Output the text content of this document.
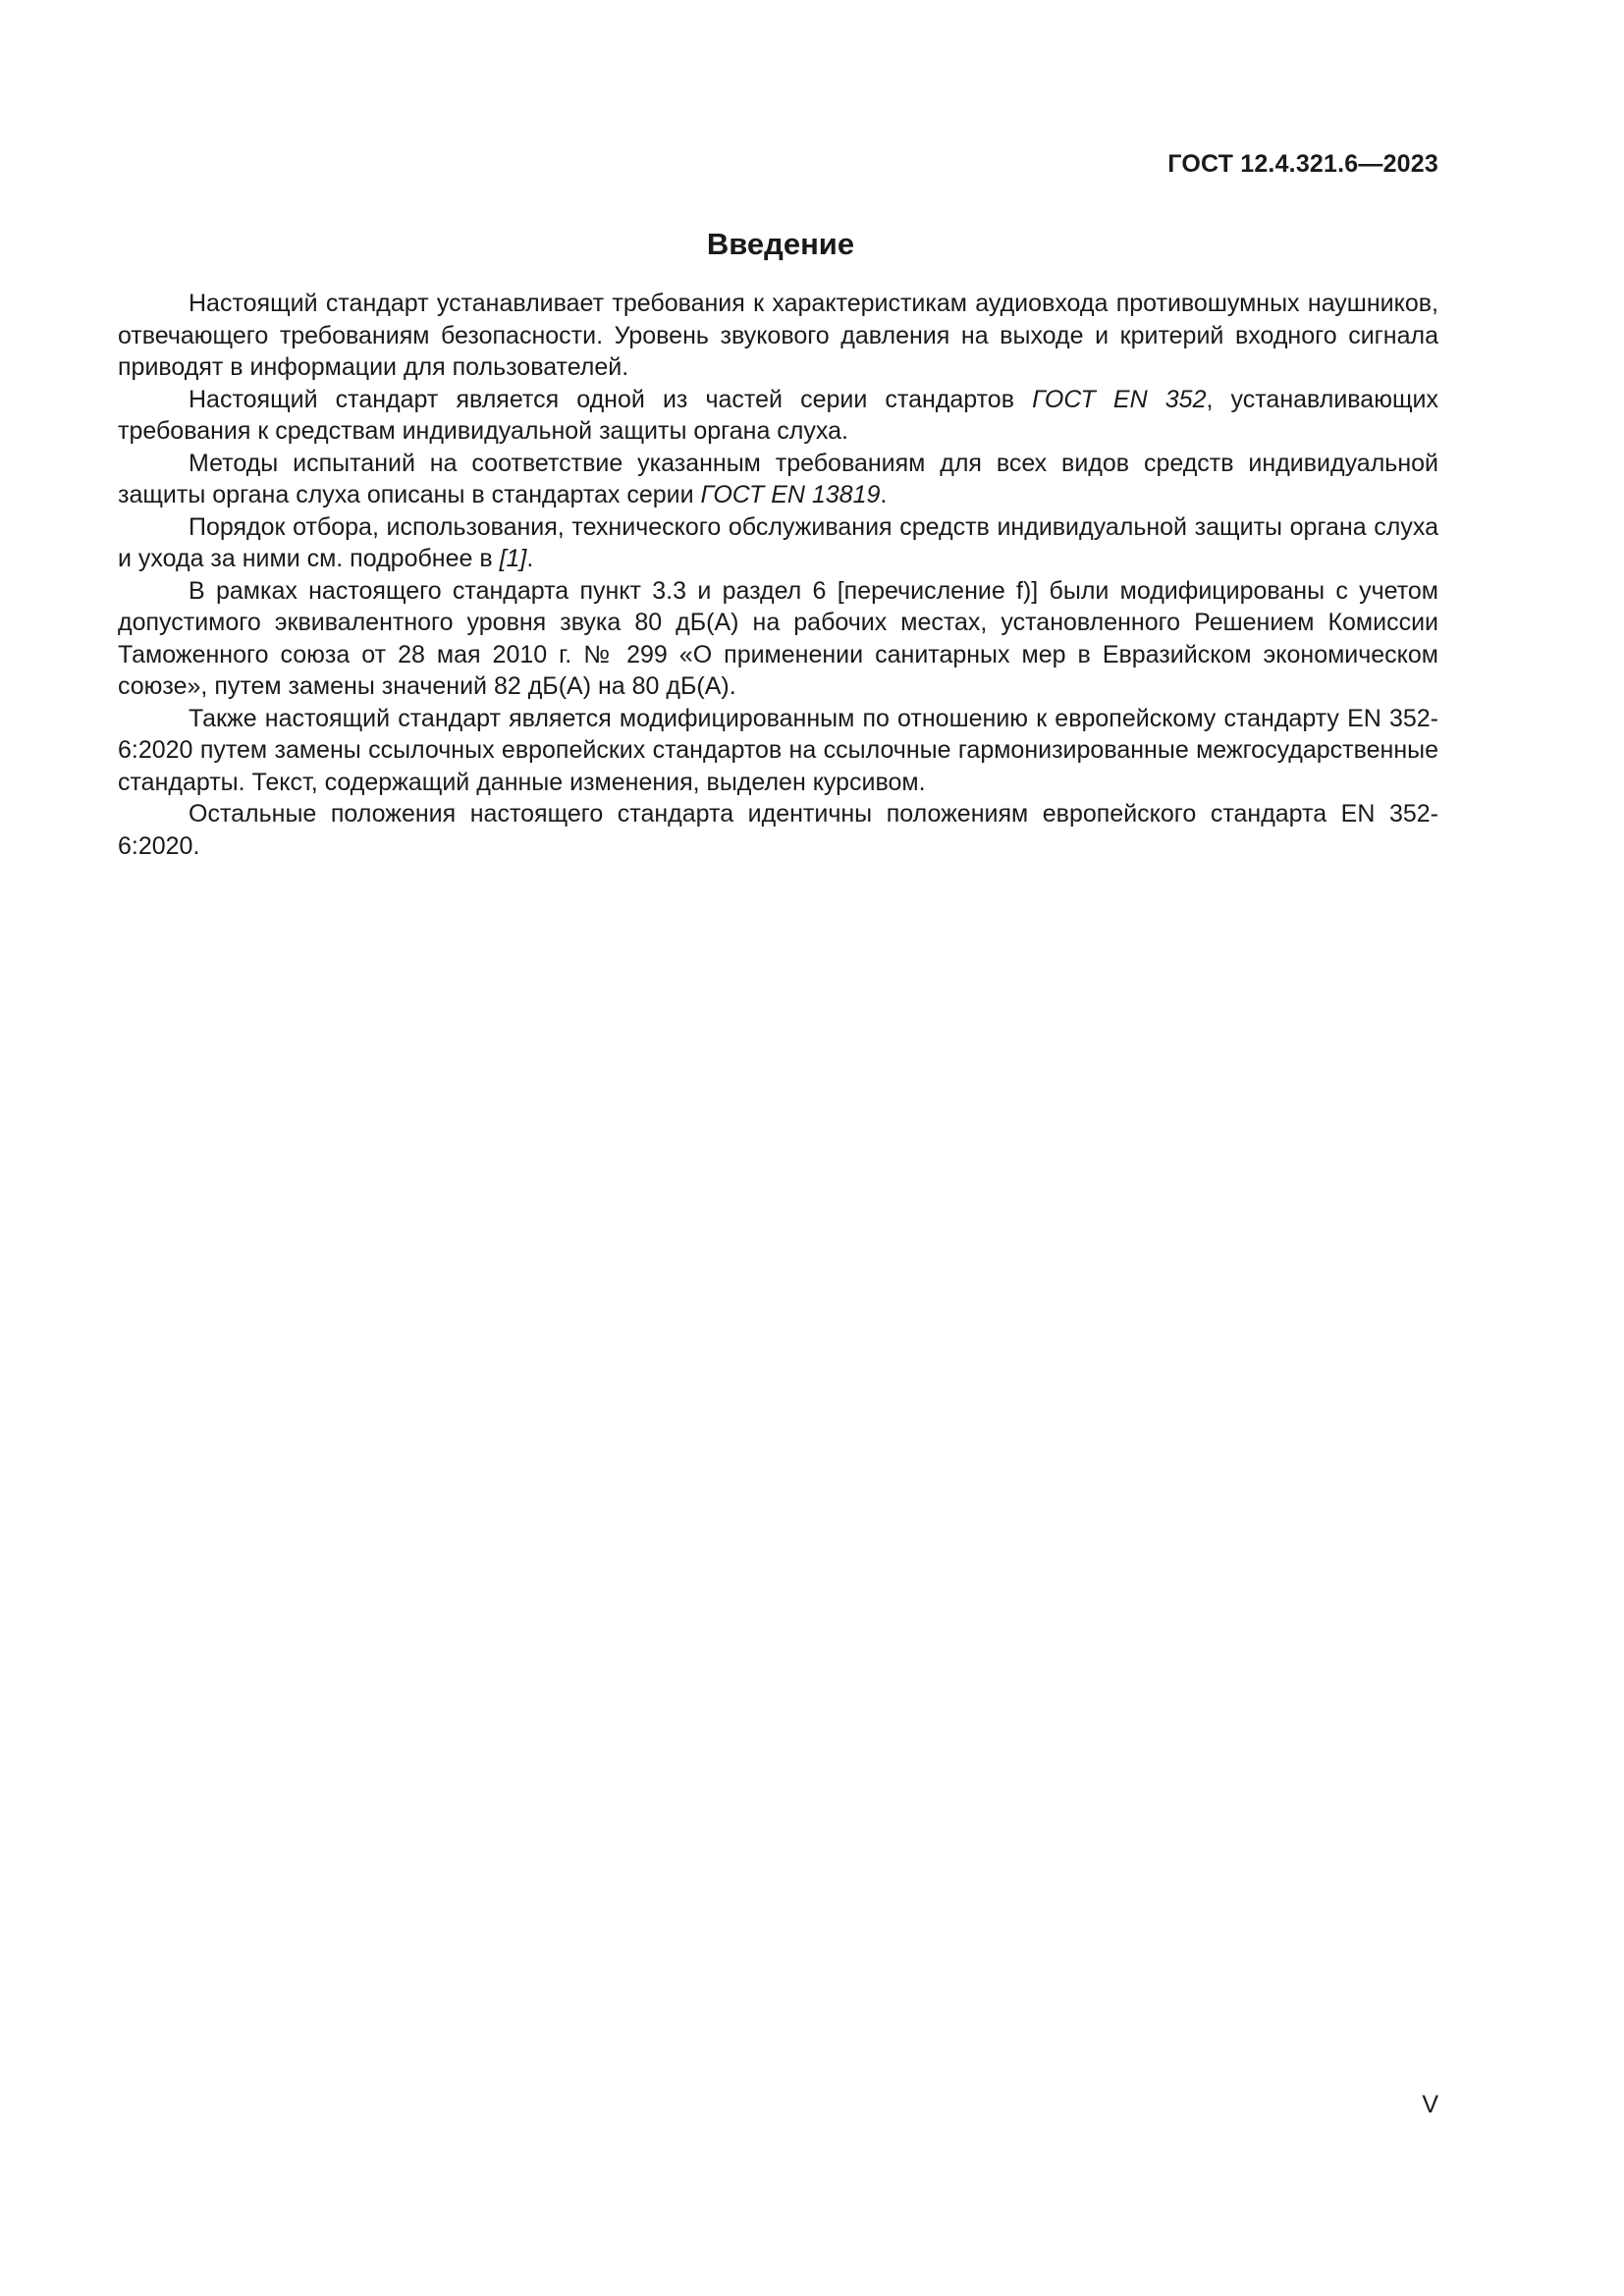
ГОСТ 12.4.321.6—2023
Введение

Настоящий стандарт устанавливает требования к характеристикам аудиовхода противошумных наушников, отвечающего требованиям безопасности. Уровень звукового давления на выходе и критерий входного сигнала приводят в информации для пользователей.

Настоящий стандарт является одной из частей серии стандартов ГОСТ EN 352, устанавливающих требования к средствам индивидуальной защиты органа слуха.

Методы испытаний на соответствие указанным требованиям для всех видов средств индивидуальной защиты органа слуха описаны в стандартах серии ГОСТ EN 13819.

Порядок отбора, использования, технического обслуживания средств индивидуальной защиты органа слуха и ухода за ними см. подробнее в [1].

В рамках настоящего стандарта пункт 3.3 и раздел 6 [перечисление f)] были модифицированы с учетом допустимого эквивалентного уровня звука 80 дБ(А) на рабочих местах, установленного Решением Комиссии Таможенного союза от 28 мая 2010 г. № 299 «О применении санитарных мер в Евразийском экономическом союзе», путем замены значений 82 дБ(А) на 80 дБ(А).

Также настоящий стандарт является модифицированным по отношению к европейскому стандарту EN 352-6:2020 путем замены ссылочных европейских стандартов на ссылочные гармонизированные межгосударственные стандарты. Текст, содержащий данные изменения, выделен курсивом.

Остальные положения настоящего стандарта идентичны положениям европейского стандарта EN 352-6:2020.

V
